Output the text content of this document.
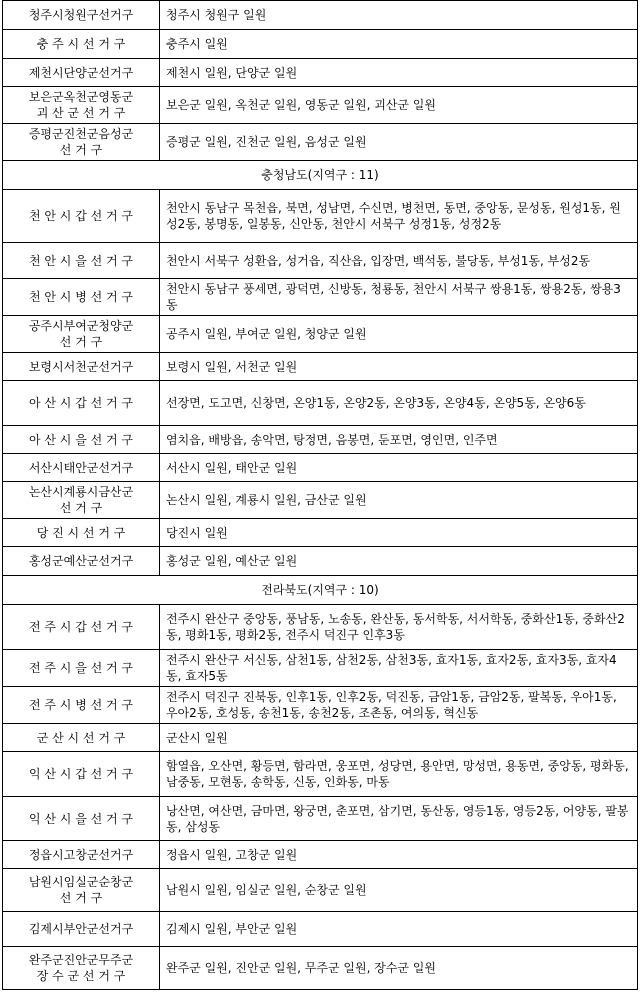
청주시청원구선거구	청주시 청원구 일원

충 주 시 선 거 구	충주시 일원

제천시단양군선거구	제천시 일원, 단양군 일원

보은군옥천군영동군
괴 산 군 선 거 구	보은군 일원, 옥천군 일원, 영동군 일원, 괴산군 일원

증평군진천군음성군
선 거 구	증평군 일원, 진천군 일원, 음성군 일원
충청남도(지역구 : 11)	

천 안 시 갑 선 거 구	천안시 동남구 목천읍, 북면, 성남면, 수신면, 병천면, 동면, 중앙동, 문성동, 원성1동, 원성2동, 봉명동, 일봉동, 신안동, 천안시 서북구 성정1동, 성정2동

천 안 시 을 선 거 구	천안시 서북구 성환읍, 성거읍, 직산읍, 입장면, 백석동, 불당동, 부성1동, 부성2동

천 안 시 병 선 거 구	천안시 동남구 풍세면, 광덕면, 신방동, 청룡동, 천안시 서북구 쌍용1동, 쌍용2동, 쌍용3동

공주시부여군청양군
선 거 구	공주시 일원, 부여군 일원, 청양군 일원

보령시서천군선거구	보령시 일원, 서천군 일원

아 산 시 갑 선 거 구	선장면, 도고면, 신창면, 온양1동, 온양2동, 온양3동, 온양4동, 온양5동, 온양6동

아 산 시 을 선 거 구	염치읍, 배방읍, 송악면, 탕정면, 음봉면, 둔포면, 영인면, 인주면

서산시태안군선거구	서산시 일원, 태안군 일원

논산시계룡시금산군
선 거 구	논산시 일원, 계룡시 일원, 금산군 일원

당 진 시 선 거 구	당진시 일원

홍성군예산군선거구	홍성군 일원, 예산군 일원
전라북도(지역구 : 10)	

전 주 시 갑 선 거 구	전주시 완산구 중앙동, 풍남동, 노송동, 완산동, 동서학동, 서서학동, 중화산1동, 중화산2동, 평화1동, 평화2동, 전주시 덕진구 인후3동

전 주 시 을 선 거 구	전주시 완산구 서신동, 삼천1동, 삼천2동, 삼천3동, 효자1동, 효자2동, 효자3동, 효자4동, 효자5동

전 주 시 병 선 거 구	전주시 덕진구 진북동, 인후1동, 인후2동, 덕진동, 금암1동, 금암2동, 팔복동, 우아1동, 우아2동, 호성동, 송천1동, 송천2동, 조촌동, 여의동, 혁신동

군 산 시 선 거 구	군산시 일원

익 산 시 갑 선 거 구	함열읍, 오산면, 황등면, 함라면, 웅포면, 성당면, 용안면, 망성면, 용동면, 중앙동, 평화동, 남중동, 모현동, 송학동, 신동, 인화동, 마동

익 산 시 을 선 거 구	낭산면, 여산면, 금마면, 왕궁면, 춘포면, 삼기면, 동산동, 영등1동, 영등2동, 어양동, 팔봉동, 삼성동

정읍시고창군선거구	정읍시 일원, 고창군 일원

남원시임실군순창군
선 거 구	남원시 일원, 임실군 일원, 순창군 일원

김제시부안군선거구	김제시 일원, 부안군 일원

완주군진안군무주군
장 수 군 선 거 구	완주군 일원, 진안군 일원, 무주군 일원, 장수군 일원
